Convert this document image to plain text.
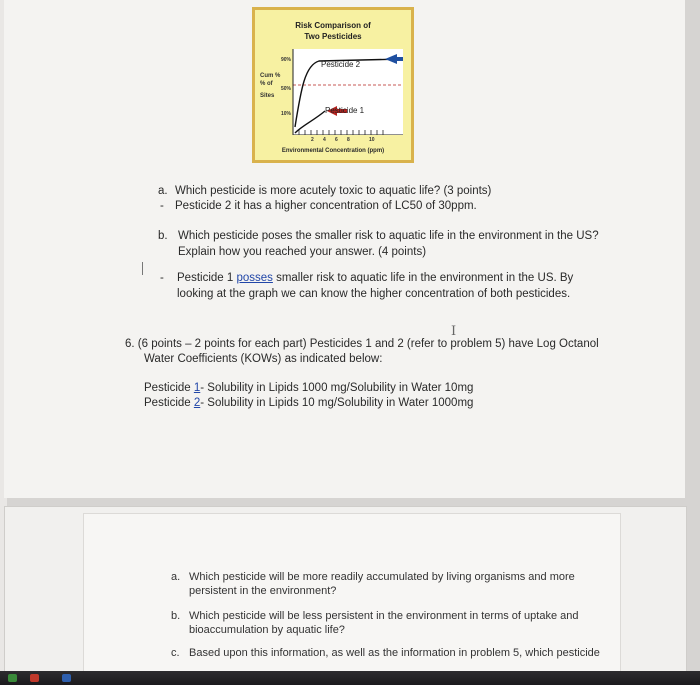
Risk Comparison of
Two Pesticides
Cum %
% of
Sites
90%
50%
10%
Pesticide 2
Pesticide 1
2 4 6 8	10
Environmental Concentration (ppm)
a. Which pesticide is more acutely toxic to aquatic life? (3 points)
- Pesticide 2 it has a higher concentration of LC50 of 30ppm.
b. Which pesticide poses the smaller risk to aquatic life in the environment in the US?
Explain how you reached your answer. (4 points)
- Pesticide 1 posses smaller risk to aquatic life in the environment in the US. By
looking at the graph we can know the higher concentration of both pesticides.
I
6. (6 points – 2 points for each part) Pesticides 1 and 2 (refer to problem 5) have Log Octanol
Water Coefficients (KOWs) as indicated below:
Pesticide 1- Solubility in Lipids 1000 mg/Solubility in Water 10mg
Pesticide 2- Solubility in Lipids 10 mg/Solubility in Water 1000mg
a. Which pesticide will be more readily accumulated by living organisms and more
persistent in the environment?
b. Which pesticide will be less persistent in the environment in terms of uptake and
bioaccumulation by aquatic life?
c. Based upon this information, as well as the information in problem 5, which pesticide
